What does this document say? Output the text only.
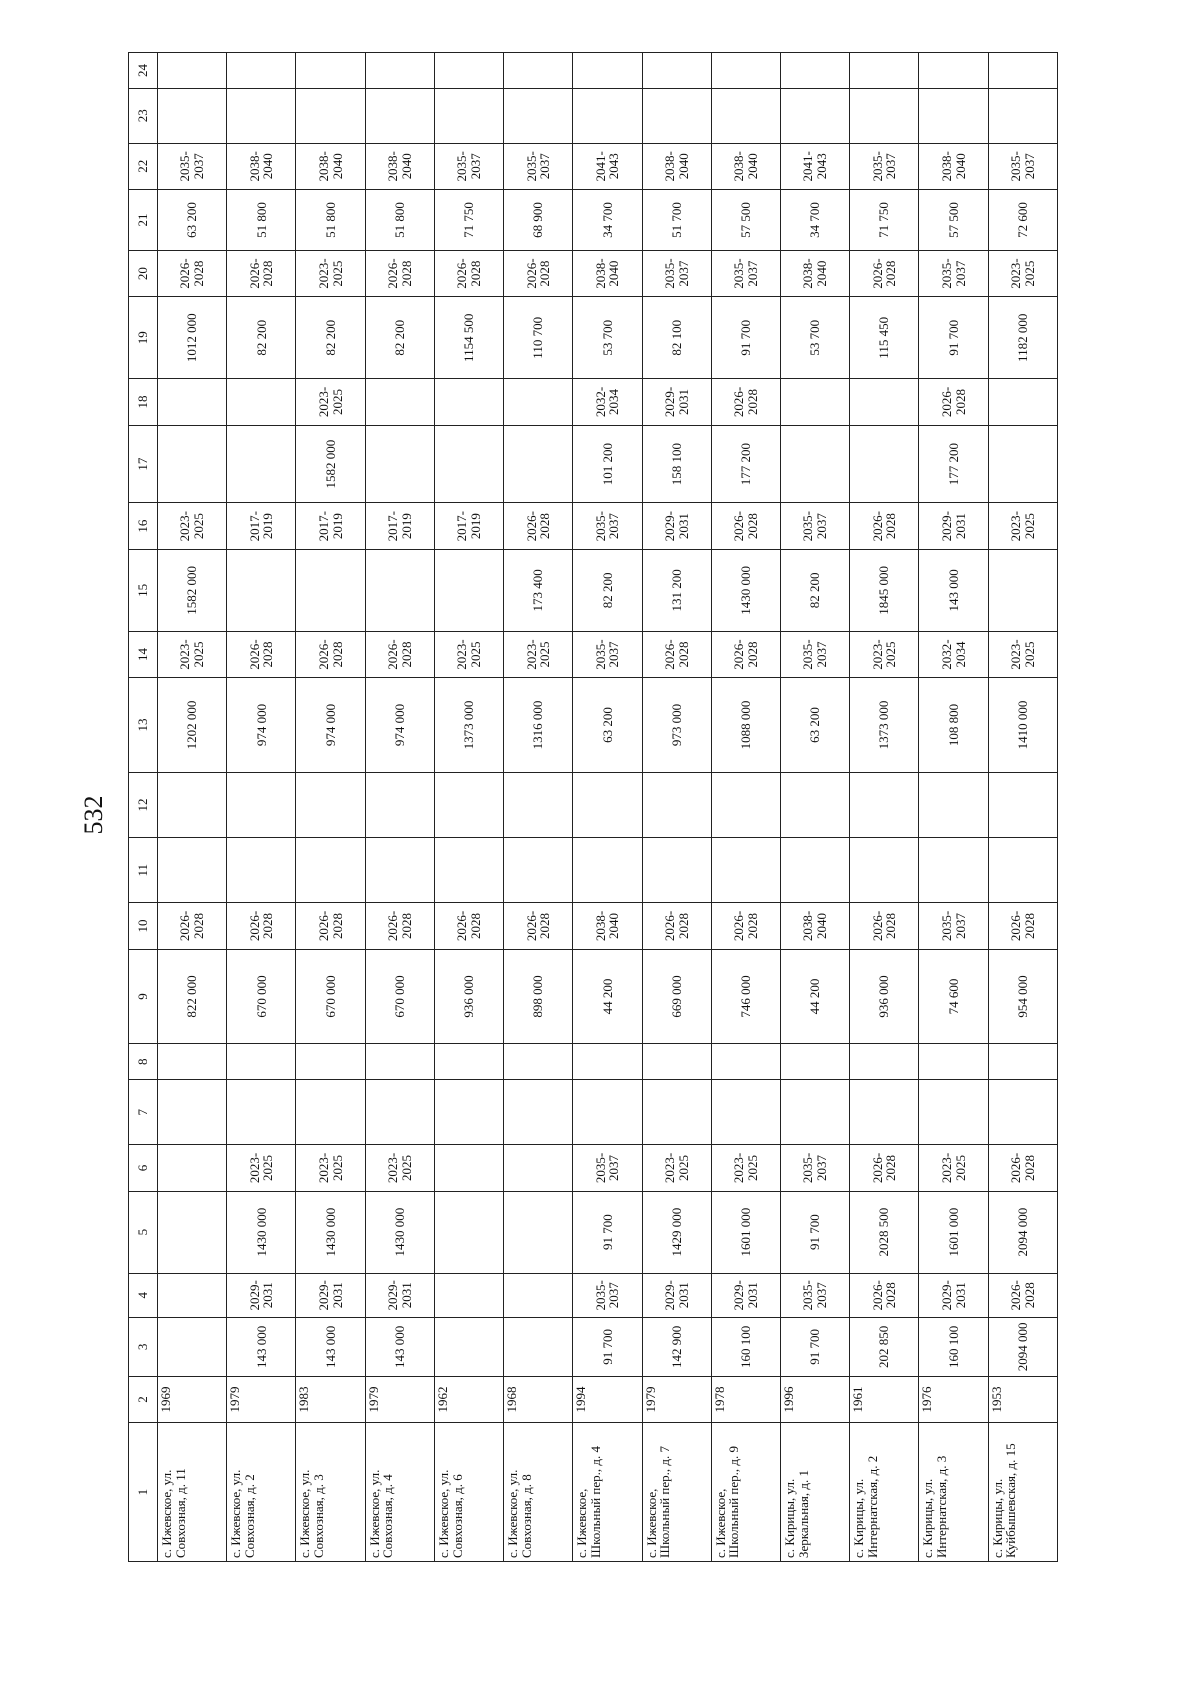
532
1	2	3	4	5	6	7	8	9	10	11	12	13	14	15	16	17	18	19	20	21	22	23	24
с. Ижевское, ул. Совхозная, д. 11	1969							822 000	2026-2028			1202 000	2023-2025	1582 000	2023-2025			1012 000	2026-2028	63 200	2035-2037		
с. Ижевское, ул. Совхозная, д. 2	1979	143 000	2029-2031	1430 000	2023-2025			670 000	2026-2028			974 000	2026-2028		2017-2019			82 200	2026-2028	51 800	2038-2040		
с. Ижевское, ул. Совхозная, д. 3	1983	143 000	2029-2031	1430 000	2023-2025			670 000	2026-2028			974 000	2026-2028		2017-2019	1582 000	2023-2025	82 200	2023-2025	51 800	2038-2040		
с. Ижевское, ул. Совхозная, д. 4	1979	143 000	2029-2031	1430 000	2023-2025			670 000	2026-2028			974 000	2026-2028		2017-2019			82 200	2026-2028	51 800	2038-2040		
с. Ижевское, ул. Совхозная, д. 6	1962							936 000	2026-2028			1373 000	2023-2025		2017-2019			1154 500	2026-2028	71 750	2035-2037		
с. Ижевское, ул. Совхозная, д. 8	1968							898 000	2026-2028			1316 000	2023-2025	173 400	2026-2028			110 700	2026-2028	68 900	2035-2037		
с. Ижевское, Школьный пер., д. 4	1994	91 700	2035-2037	91 700	2035-2037			44 200	2038-2040			63 200	2035-2037	82 200	2035-2037	101 200	2032-2034	53 700	2038-2040	34 700	2041-2043		
с. Ижевское, Школьный пер., д. 7	1979	142 900	2029-2031	1429 000	2023-2025			669 000	2026-2028			973 000	2026-2028	131 200	2029-2031	158 100	2029-2031	82 100	2035-2037	51 700	2038-2040		
с. Ижевское, Школьный пер., д. 9	1978	160 100	2029-2031	1601 000	2023-2025			746 000	2026-2028			1088 000	2026-2028	1430 000	2026-2028	177 200	2026-2028	91 700	2035-2037	57 500	2038-2040		
с. Кирицы, ул. Зеркальная, д. 1	1996	91 700	2035-2037	91 700	2035-2037			44 200	2038-2040			63 200	2035-2037	82 200	2035-2037			53 700	2038-2040	34 700	2041-2043		
с. Кирицы, ул. Интернатская, д. 2	1961	202 850	2026-2028	2028 500	2026-2028			936 000	2026-2028			1373 000	2023-2025	1845 000	2026-2028			115 450	2026-2028	71 750	2035-2037		
с. Кирицы, ул. Интернатская, д. 3	1976	160 100	2029-2031	1601 000	2023-2025			74 600	2035-2037			108 800	2032-2034	143 000	2029-2031	177 200	2026-2028	91 700	2035-2037	57 500	2038-2040		
с. Кирицы, ул. Куйбышевская, д. 15	1953	2094 000	2026-2028	2094 000	2026-2028			954 000	2026-2028			1410 000	2023-2025		2023-2025			1182 000	2023-2025	72 600	2035-2037		
